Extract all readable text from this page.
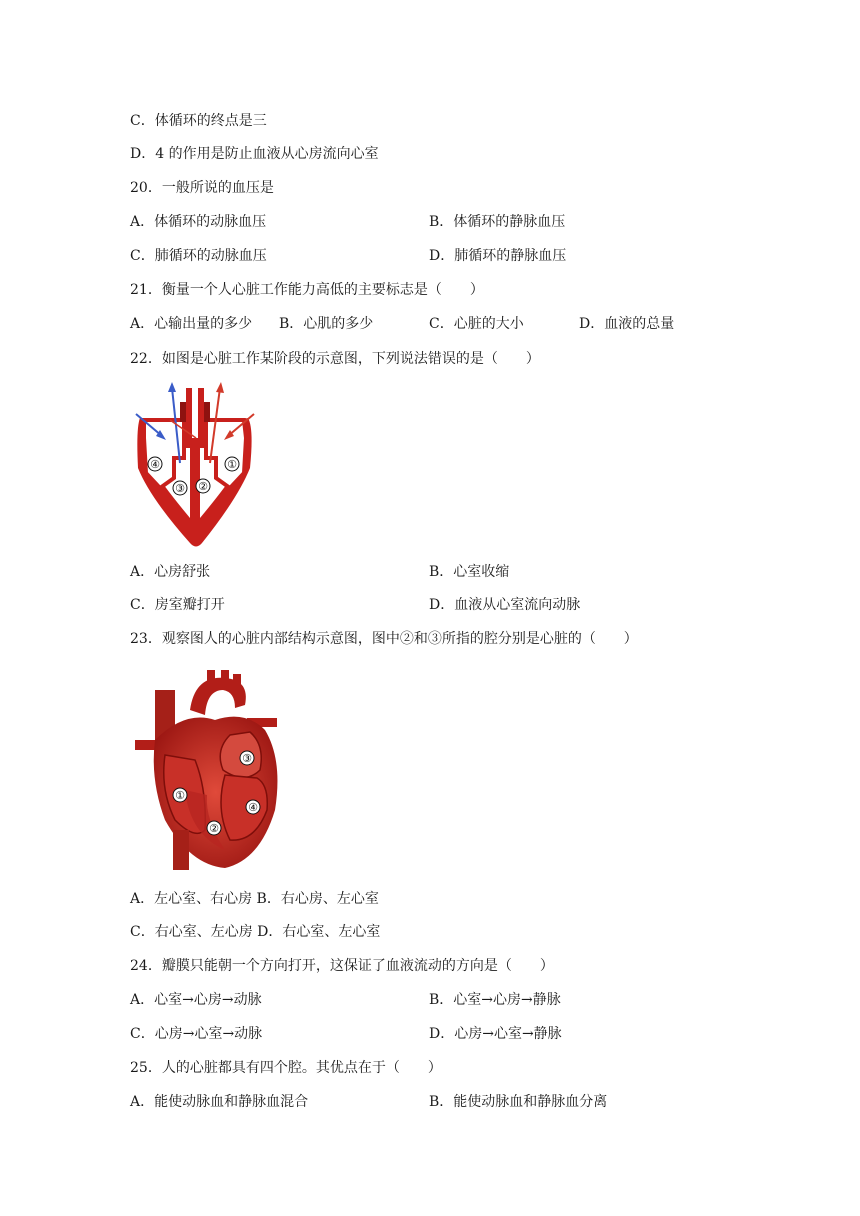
C．体循环的终点是三
D．4 的作用是防止血液从心房流向心室
20．一般所说的血压是
A．体循环的动脉血压	B．体循环的静脉血压
C．肺循环的动脉血压	D．肺循环的静脉血压
21．衡量一个人心脏工作能力高低的主要标志是（　　）
A．心输出量的多少 B．心肌的多少	C．心脏的大小	D．血液的总量
22．如图是心脏工作某阶段的示意图，下列说法错误的是（　　）
④
③ ②
①
A．心房舒张	B．心室收缩
C．房室瓣打开	D．血液从心室流向动脉
23．观察图人的心脏内部结构示意图，图中②和③所指的腔分别是心脏的（　　）
③
①
④
②
A．左心室、右心房 B．右心房、左心室
C．右心室、左心房 D．右心室、左心室
24．瓣膜只能朝一个方向打开，这保证了血液流动的方向是（　　）
A．心室→心房→动脉	B．心室→心房→静脉
C．心房→心室→动脉	D．心房→心室→静脉
25．人的心脏都具有四个腔。其优点在于（　　）
A．能使动脉血和静脉血混合	B．能使动脉血和静脉血分离
